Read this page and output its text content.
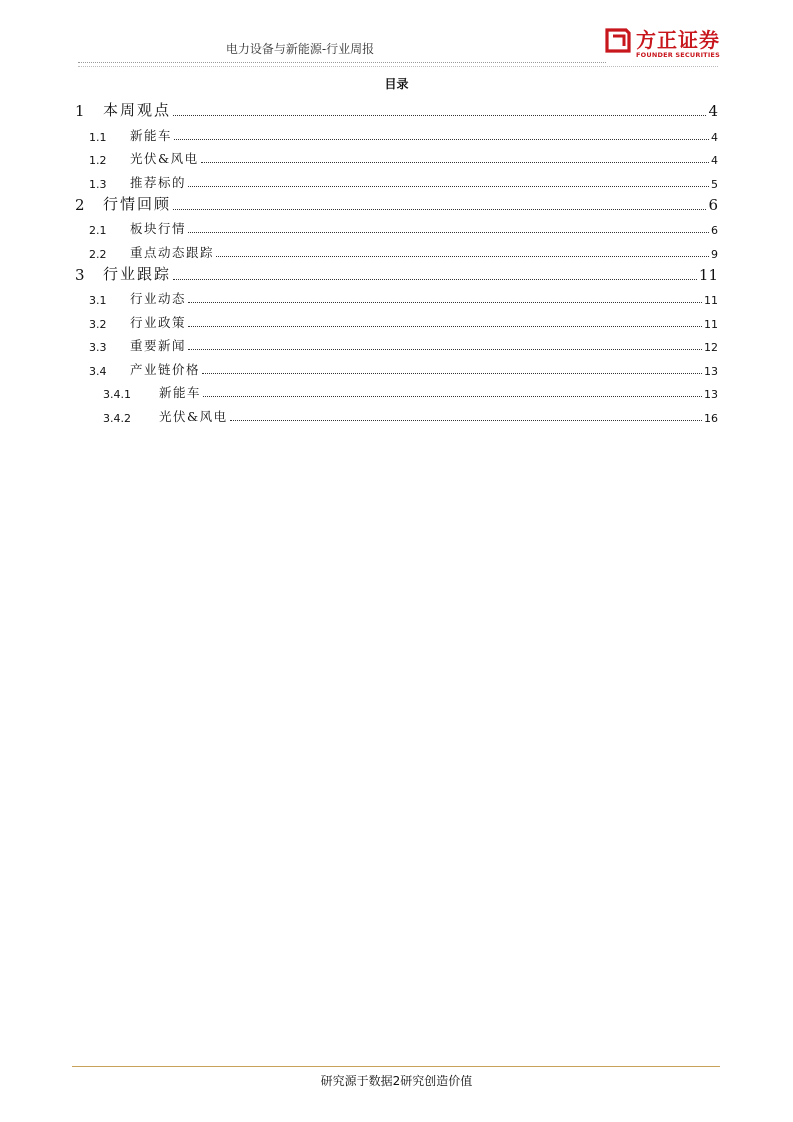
电力设备与新能源-行业周报	方正证券
FOUNDER SECURITIES
目录
1	本周观点	4
1.1	新能车	4
1.2	光伏&风电	4
1.3	推荐标的	5
2	行情回顾	6
2.1	板块行情	6
2.2	重点动态跟踪	9
3	行业跟踪	11
3.1	行业动态	11
3.2	行业政策	11
3.3	重要新闻	12
3.4	产业链价格	13
3.4.1	新能车	13
3.4.2	光伏&风电	16
研究源于数据2研究创造价值
